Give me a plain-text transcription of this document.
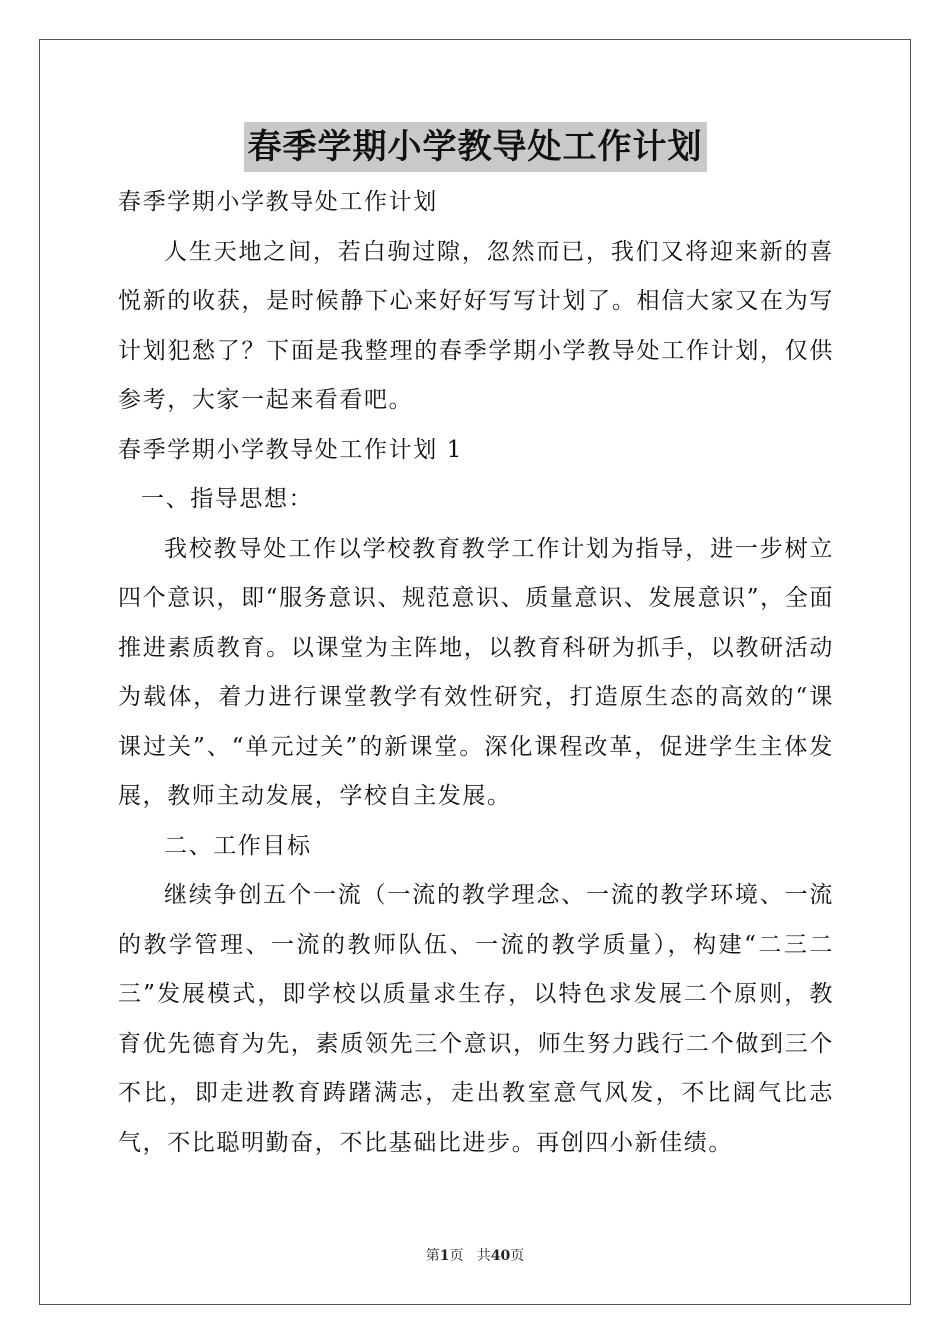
春季学期小学教导处工作计划

春季学期小学教导处工作计划

人生天地之间，若白驹过隙，忽然而已，我们又将迎来新的喜悦新的收获，是时候静下心来好好写写计划了。相信大家又在为写计划犯愁了？下面是我整理的春季学期小学教导处工作计划，仅供参考，大家一起来看看吧。

春季学期小学教导处工作计划 1

一、指导思想：

我校教导处工作以学校教育教学工作计划为指导，进一步树立四个意识，即“服务意识、规范意识、质量意识、发展意识”，全面推进素质教育。以课堂为主阵地，以教育科研为抓手，以教研活动为载体，着力进行课堂教学有效性研究，打造原生态的高效的“课课过关”、“单元过关”的新课堂。深化课程改革，促进学生主体发展，教师主动发展，学校自主发展。

二、工作目标

继续争创五个一流（一流的教学理念、一流的教学环境、一流的教学管理、一流的教师队伍、一流的教学质量），构建“二三二三”发展模式，即学校以质量求生存，以特色求发展二个原则，教育优先德育为先，素质领先三个意识，师生努力践行二个做到三个不比，即走进教育踌躇满志，走出教室意气风发，不比阔气比志气，不比聪明勤奋，不比基础比进步。再创四小新佳绩。

第1页 共40页
